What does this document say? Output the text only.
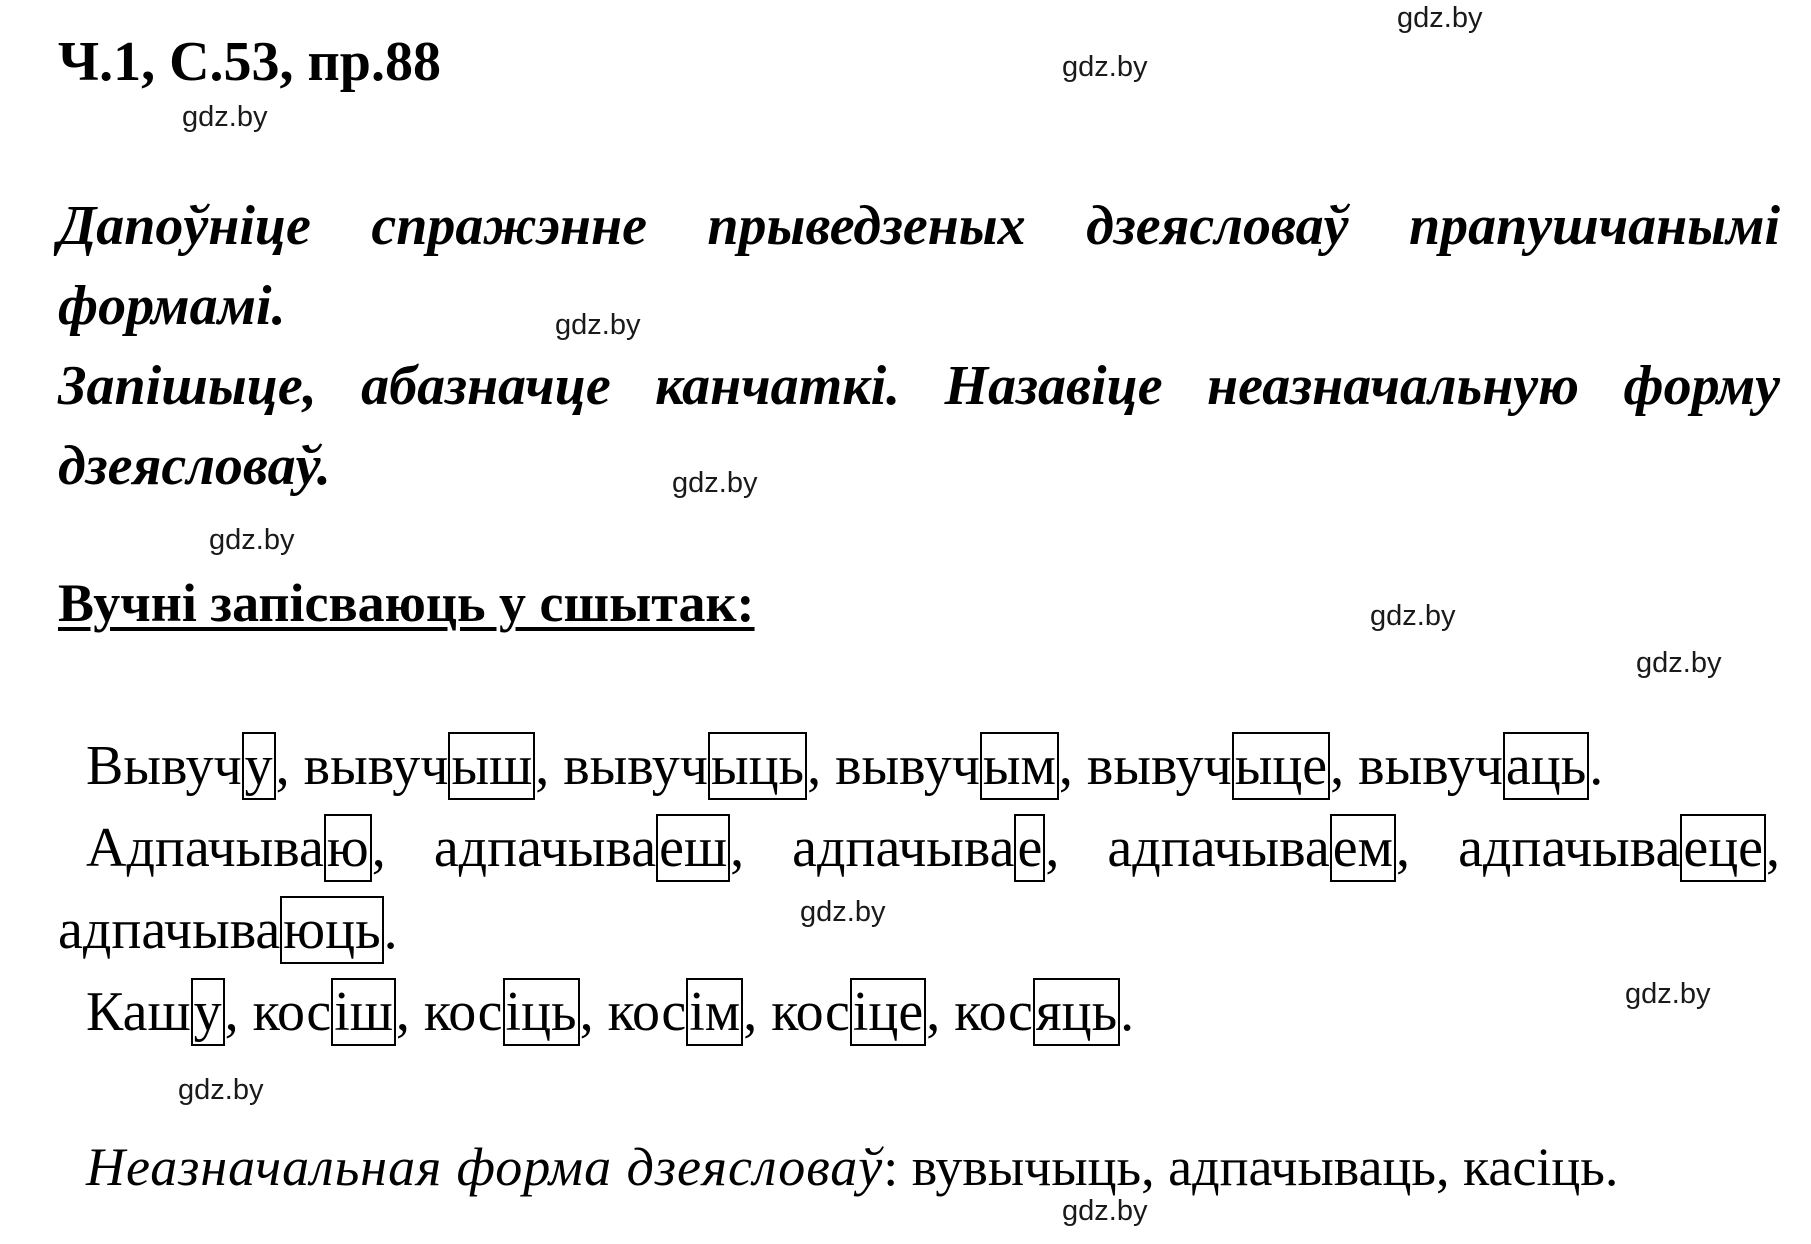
Ч.1, С.53, пр.88

Дапоўніце спражэнне прыведзеных дзеясловаў прапушчанымі формамі.

Запішыце, абазначце канчаткі. Назавіце неазначальную форму дзеясловаў.

Вучні запісваюць у сшытак:
Вывучу, вывучыш, вывучыць, вывучым, вывучыце, вывучаць.
Адпачываю, адпачываеш, адпачывае, адпачываем, адпачываеце,
адпачываюць.
Кашу, косіш, косіць, косім, косіце, косяць.
Неазначальная форма дзеясловаў: вувычыць, адпачываць, касіць.
gdz.by
gdz.by
gdz.by
gdz.by
gdz.by
gdz.by
gdz.by
gdz.by
gdz.by
gdz.by
gdz.by
gdz.by
